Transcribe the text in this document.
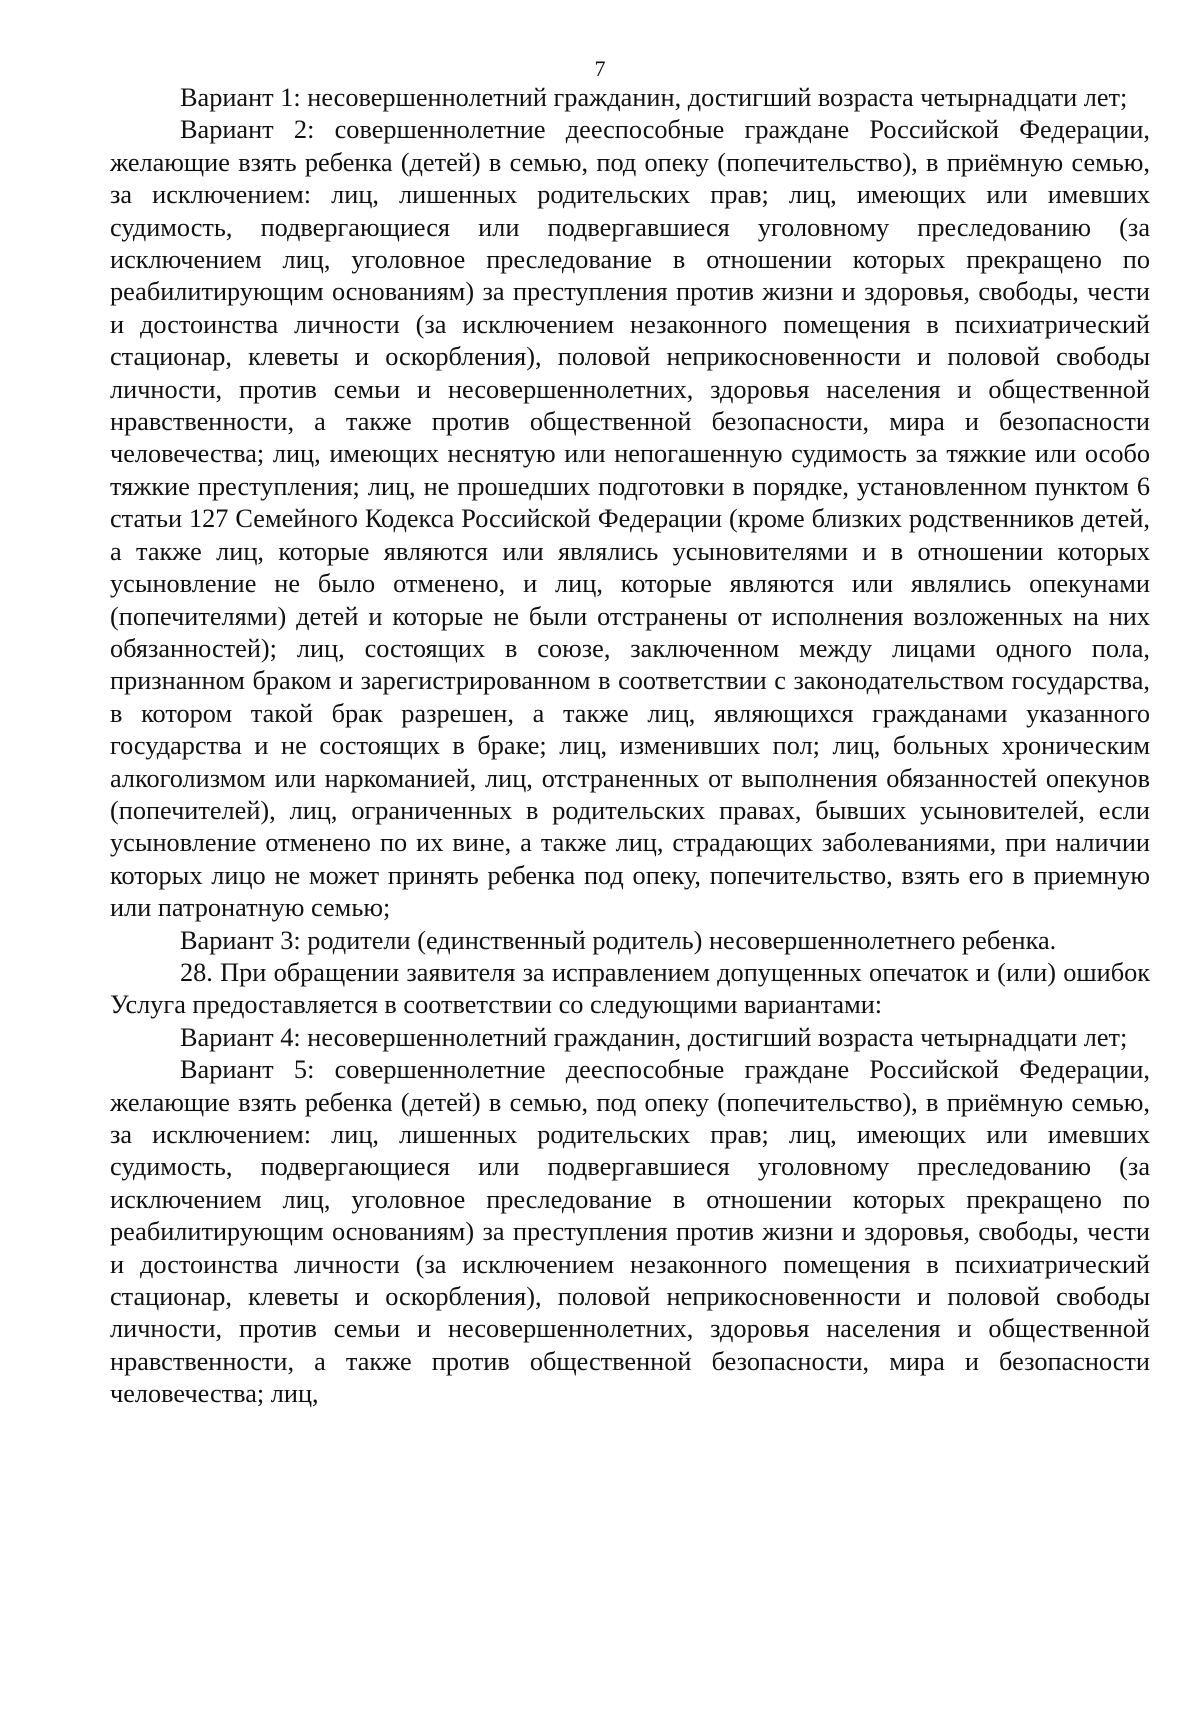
7

Вариант 1: несовершеннолетний гражданин, достигший возраста четырнадцати лет;

Вариант 2: совершеннолетние дееспособные граждане Российской Федерации, желающие взять ребенка (детей) в семью, под опеку (попечительство), в приёмную семью, за исключением: лиц, лишенных родительских прав; лиц, имеющих или имевших судимость, подвергающиеся или подвергавшиеся уголовному преследованию (за исключением лиц, уголовное преследование в отношении которых прекращено по реабилитирующим основаниям) за преступления против жизни и здоровья, свободы, чести и достоинства личности (за исключением незаконного помещения в психиатрический стационар, клеветы и оскорбления), половой неприкосновенности и половой свободы личности, против семьи и несовершеннолетних, здоровья населения и общественной нравственности, а также против общественной безопасности, мира и безопасности человечества; лиц, имеющих неснятую или непогашенную судимость за тяжкие или особо тяжкие преступления; лиц, не прошедших подготовки в порядке, установленном пунктом 6 статьи 127 Семейного Кодекса Российской Федерации (кроме близких родственников детей, а также лиц, которые являются или являлись усыновителями и в отношении которых усыновление не было отменено, и лиц, которые являются или являлись опекунами (попечителями) детей и которые не были отстранены от исполнения возложенных на них обязанностей); лиц, состоящих в союзе, заключенном между лицами одного пола, признанном браком и зарегистрированном в соответствии с законодательством государства, в котором такой брак разрешен, а также лиц, являющихся гражданами указанного государства и не состоящих в браке; лиц, изменивших пол; лиц, больных хроническим алкоголизмом или наркоманией, лиц, отстраненных от выполнения обязанностей опекунов (попечителей), лиц, ограниченных в родительских правах, бывших усыновителей, если усыновление отменено по их вине, а также лиц, страдающих заболеваниями, при наличии которых лицо не может принять ребенка под опеку, попечительство, взять его в приемную или патронатную семью;

Вариант 3: родители (единственный родитель) несовершеннолетнего ребенка.

28. При обращении заявителя за исправлением допущенных опечаток и (или) ошибок Услуга предоставляется в соответствии со следующими вариантами:

Вариант 4: несовершеннолетний гражданин, достигший возраста четырнадцати лет;

Вариант 5: совершеннолетние дееспособные граждане Российской Федерации, желающие взять ребенка (детей) в семью, под опеку (попечительство), в приёмную семью, за исключением: лиц, лишенных родительских прав; лиц, имеющих или имевших судимость, подвергающиеся или подвергавшиеся уголовному преследованию (за исключением лиц, уголовное преследование в отношении которых прекращено по реабилитирующим основаниям) за преступления против жизни и здоровья, свободы, чести и достоинства личности (за исключением незаконного помещения в психиатрический стационар, клеветы и оскорбления), половой неприкосновенности и половой свободы личности, против семьи и несовершеннолетних, здоровья населения и общественной нравственности, а также против общественной безопасности, мира и безопасности человечества; лиц,
